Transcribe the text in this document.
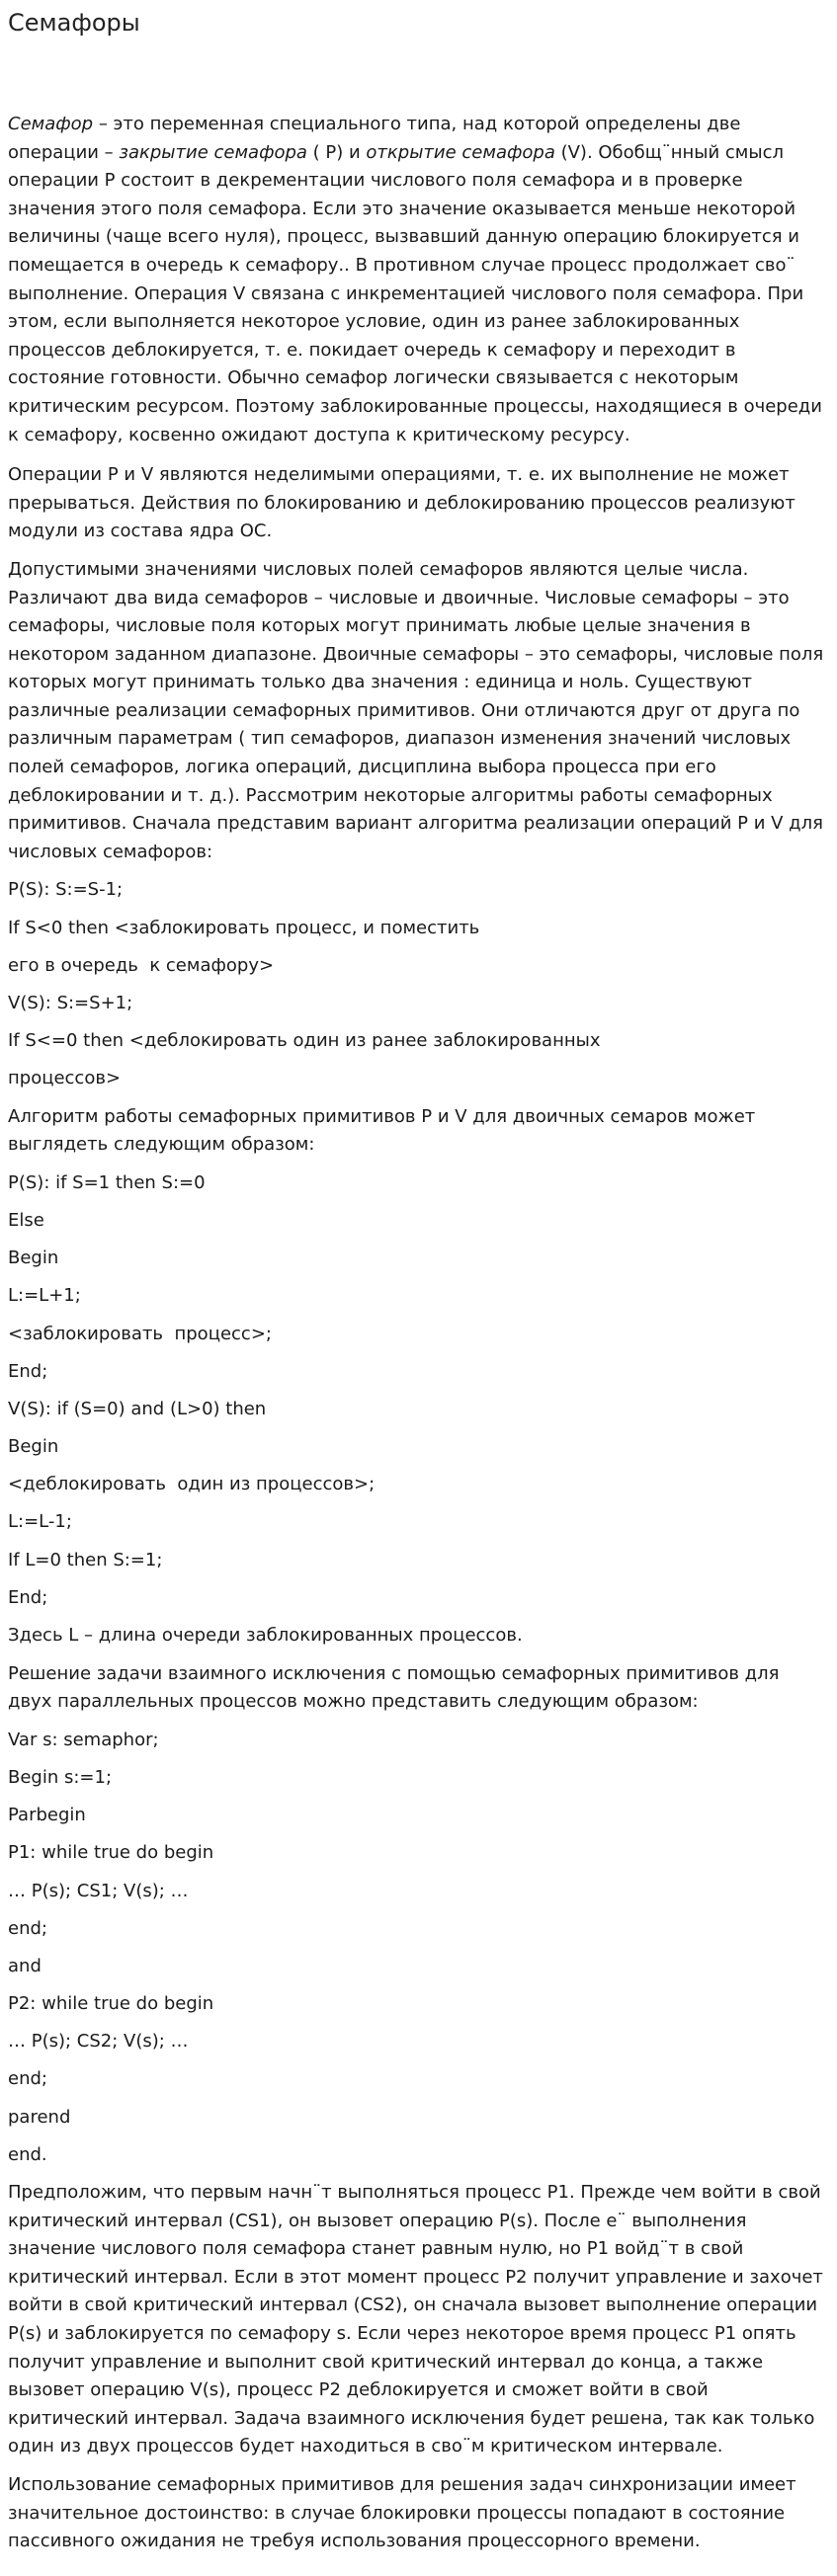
Семафоры

Семафор – это переменная специального типа, над которой определены две операции – закрытие семафора ( P) и открытие семафора (V). Обобщ¨нный смысл операции P состоит в декрементации числового поля семафора и в проверке значения этого поля семафора. Если это значение оказывается меньше некоторой величины (чаще всего нуля), процесс, вызвавший данную операцию блокируется и помещается в очередь к семафору.. В противном случае процесс продолжает сво¨ выполнение. Операция V связана с инкрементацией числового поля семафора. При этом, если выполняется некоторое условие, один из ранее заблокированных процессов деблокируется, т. е. покидает очередь к семафору и переходит в состояние готовности. Обычно семафор логически связывается с некоторым критическим ресурсом. Поэтому заблокированные процессы, находящиеся в очереди к семафору, косвенно ожидают доступа к критическому ресурсу.

Операции P и V являются неделимыми операциями, т. е. их выполнение не может прерываться. Действия по блокированию и деблокированию процессов реализуют модули из состава ядра ОС.

Допустимыми значениями числовых полей семафоров являются целые числа. Различают два вида семафоров – числовые и двоичные. Числовые семафоры – это семафоры, числовые поля которых могут принимать любые целые значения в некотором заданном диапазоне. Двоичные семафоры – это семафоры, числовые поля которых могут принимать только два значения : единица и ноль. Существуют различные реализации семафорных примитивов. Они отличаются друг от друга по различным параметрам ( тип семафоров, диапазон изменения значений числовых полей семафоров, логика операций, дисциплина выбора процесса при его деблокировании и т. д.). Рассмотрим некоторые алгоритмы работы семафорных примитивов. Сначала представим вариант алгоритма реализации операций P и V для числовых семафоров:

P(S): S:=S-1;

If S<0 then <заблокировать процесс, и поместить

его в очередь  к семафору>

V(S): S:=S+1;

If S<=0 then <деблокировать один из ранее заблокированных

процессов>

Алгоритм работы семафорных примитивов P и V для двоичных семаров может выглядеть следующим образом:

P(S): if S=1 then S:=0

Else

Begin

L:=L+1;

<заблокировать  процесс>;

End;

V(S): if (S=0) and (L>0) then

Begin

<деблокировать  один из процессов>;

L:=L-1;

If L=0 then S:=1;

End;

Здесь L – длина очереди заблокированных процессов.

Решение задачи взаимного исключения с помощью семафорных примитивов для двух параллельных процессов можно представить следующим образом:

Var s: semaphor;

Begin s:=1;

Parbegin

P1: while true do begin

… P(s); CS1; V(s); …

end;

and

P2: while true do begin

… P(s); CS2; V(s); …

end;

parend

end.

Предположим, что первым начн¨т выполняться процесс P1. Прежде чем войти в свой критический интервал (CS1), он вызовет операцию P(s). После е¨ выполнения значение числового поля семафора станет равным нулю, но P1 войд¨т в свой критический интервал. Если в этот момент процесс P2 получит управление и захочет войти в свой критический интервал (CS2), он сначала вызовет выполнение операции P(s) и заблокируется по семафору s. Если через некоторое время процесс P1 опять получит управление и выполнит свой критический интервал до конца, а также вызовет операцию V(s), процесс P2 деблокируется и сможет войти в свой критический интервал. Задача взаимного исключения будет решена, так как только один из двух процессов будет находиться в сво¨м критическом интервале.

Использование семафорных примитивов для решения задач синхронизации имеет значительное достоинство: в случае блокировки процессы попадают в состояние пассивного ожидания не требуя использования процессорного времени.
